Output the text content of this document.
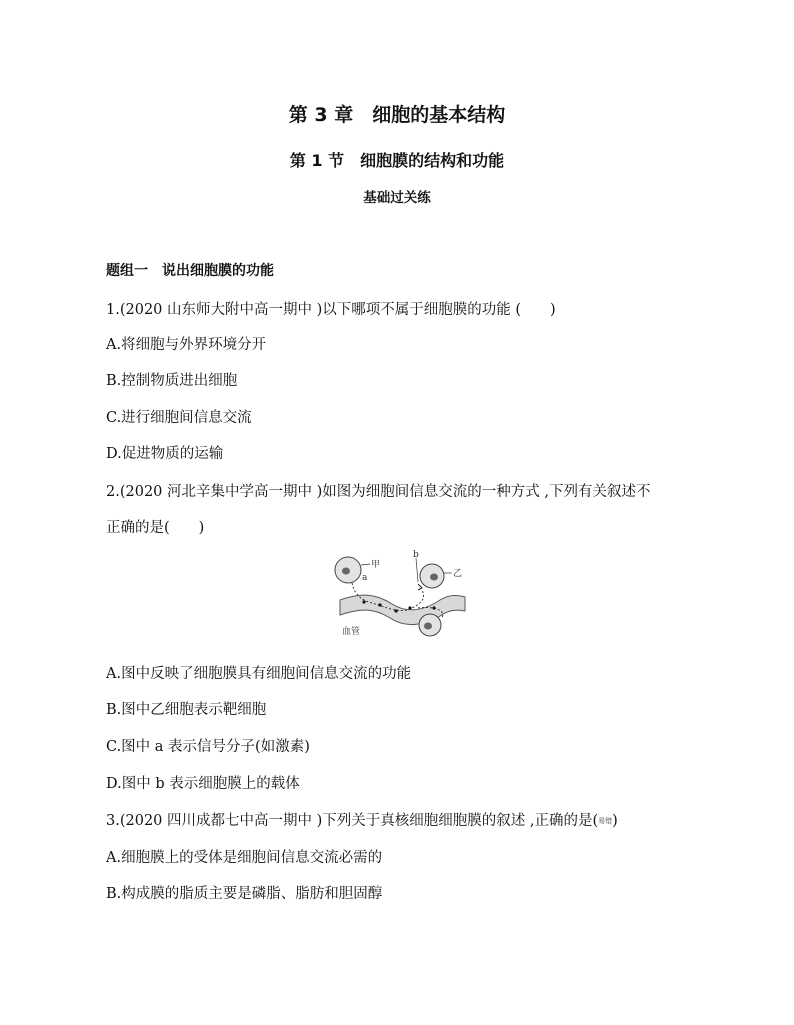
第 3 章　细胞的基本结构
第 1 节　细胞膜的结构和功能
基础过关练
题组一　说出细胞膜的功能
1.(2020 山东师大附中高一期中 )以下哪项不属于细胞膜的功能 (　　)
A.将细胞与外界环境分开
B.控制物质进出细胞
C.进行细胞间信息交流
D.促进物质的运输
2.(2020 河北辛集中学高一期中 )如图为细胞间信息交流的一种方式 ,下列有关叙述不
正确的是(　　)
甲
乙
a
b
血管
A.图中反映了细胞膜具有细胞间信息交流的功能
B.图中乙细胞表示靶细胞
C.图中 a 表示信号分子(如激素)
D.图中 b 表示细胞膜上的载体
3.(2020 四川成都七中高一期中 )下列关于真核细胞细胞膜的叙述 ,正确的是(易错)
A.细胞膜上的受体是细胞间信息交流必需的
B.构成膜的脂质主要是磷脂、脂肪和胆固醇
